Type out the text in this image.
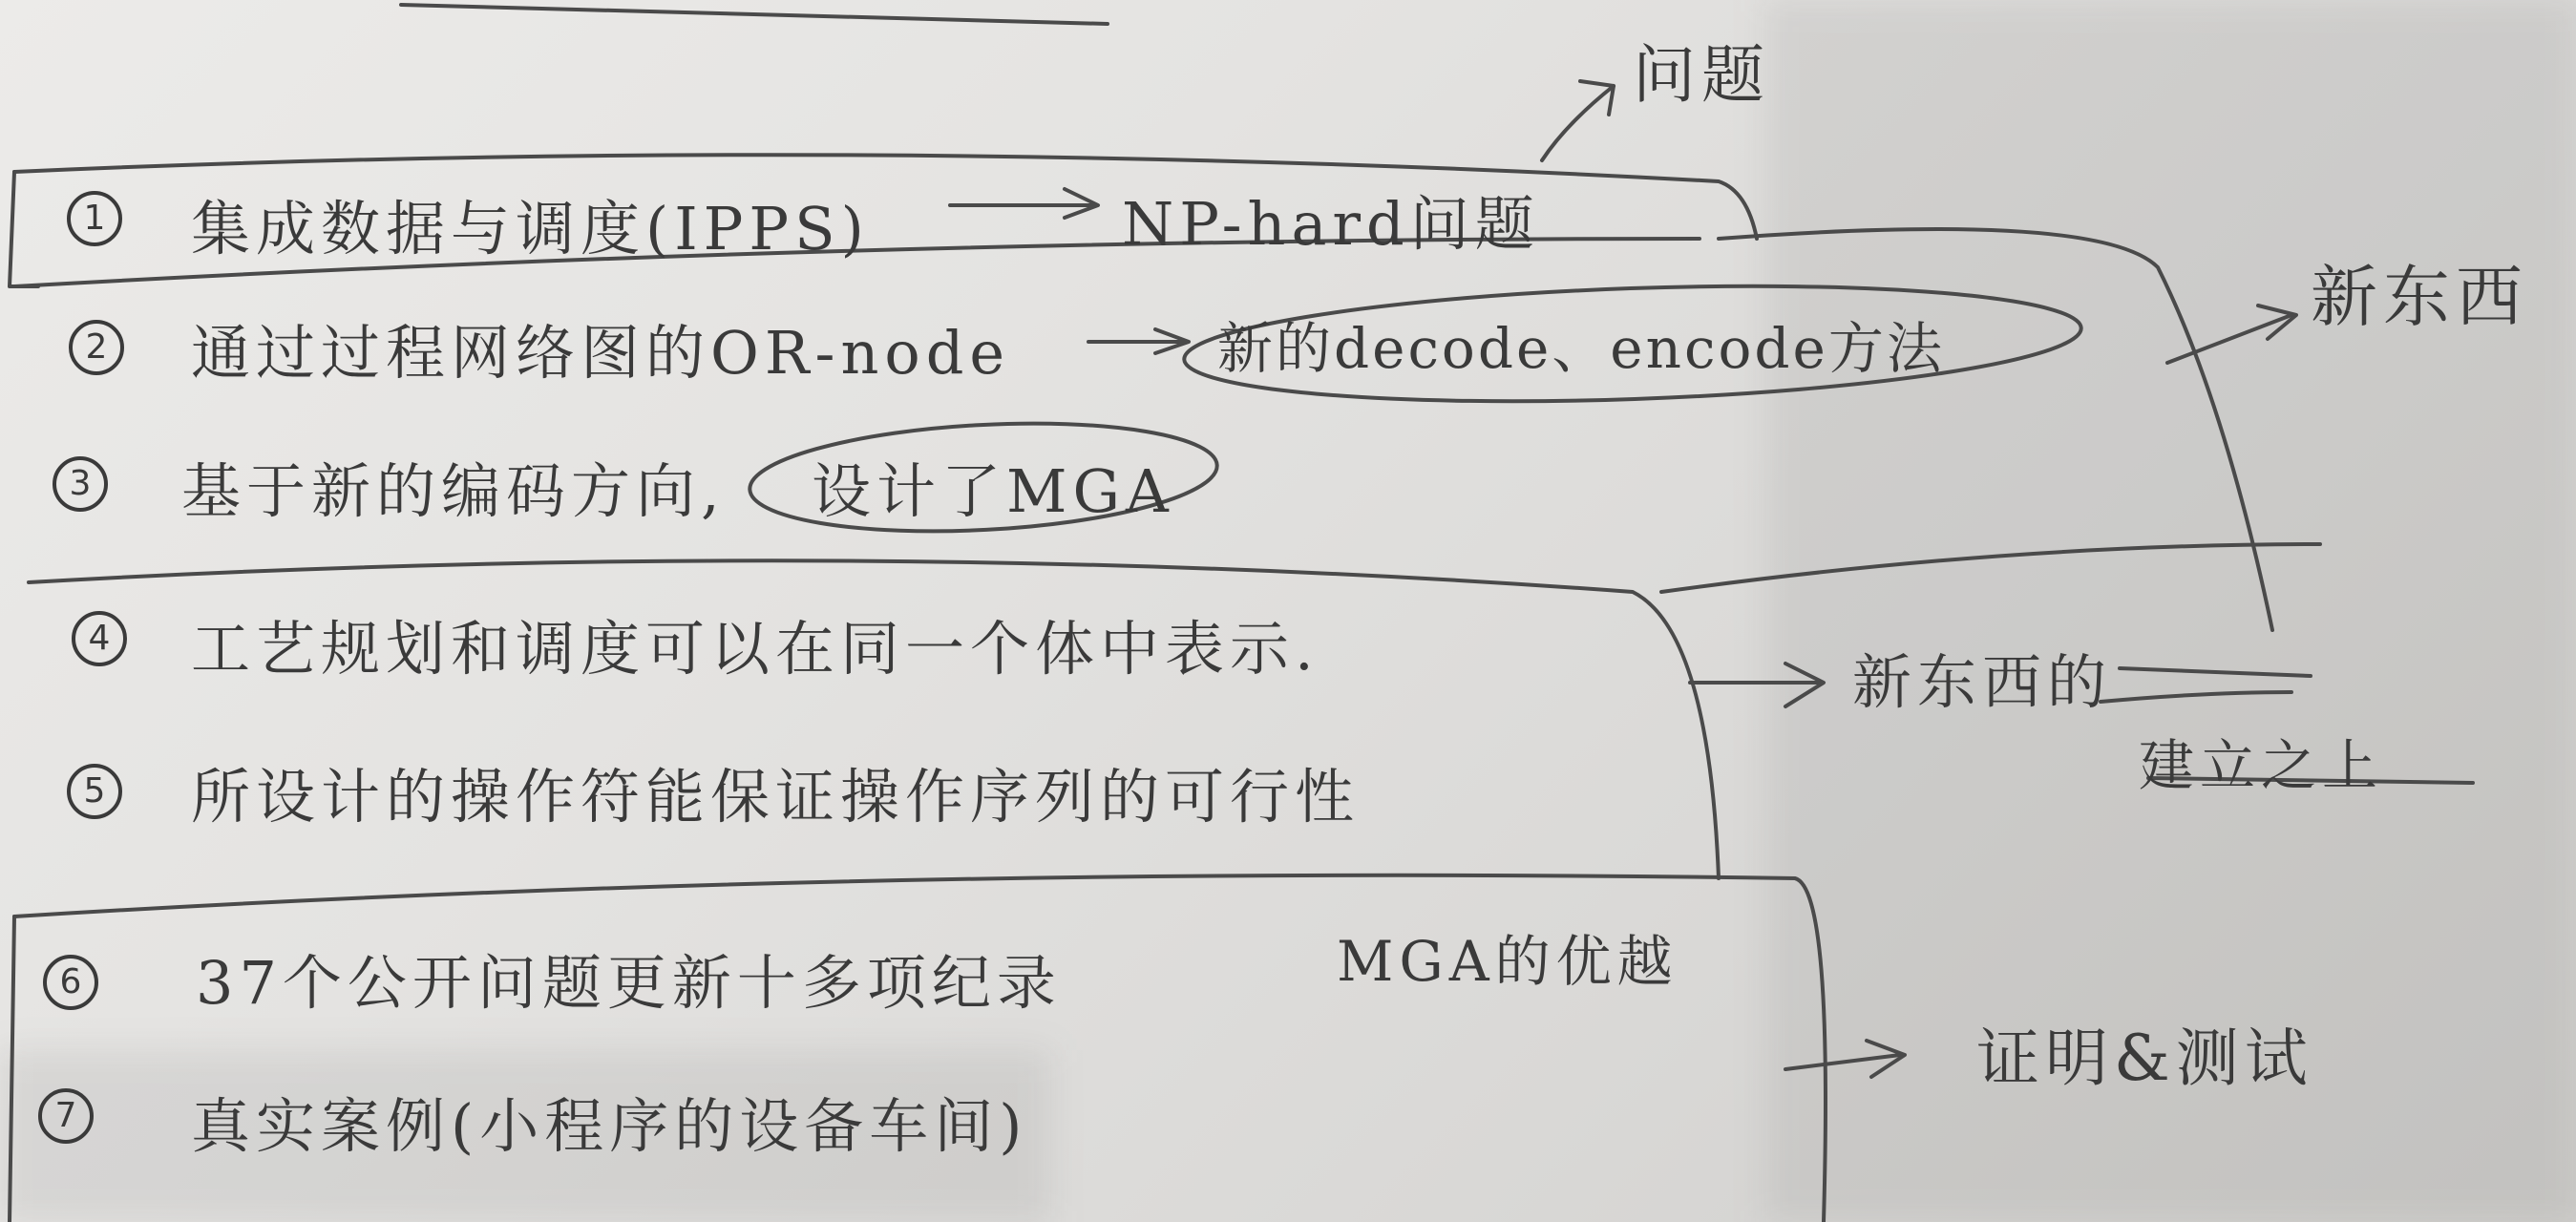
1
2
3
4
5
6
7
集成数据与调度(IPPS)	NP-hard问题
通过过程网络图的OR-node	新的decode、encode方法
基于新的编码方向, 设计了MGA
工艺规划和调度可以在同一个体中表示.
所设计的操作符能保证操作序列的可行性
37个公开问题更新十多项纪录	MGA的优越
真实案例(小程序的设备车间)
问题
新东西
新东西的
建立之上
证明&测试
